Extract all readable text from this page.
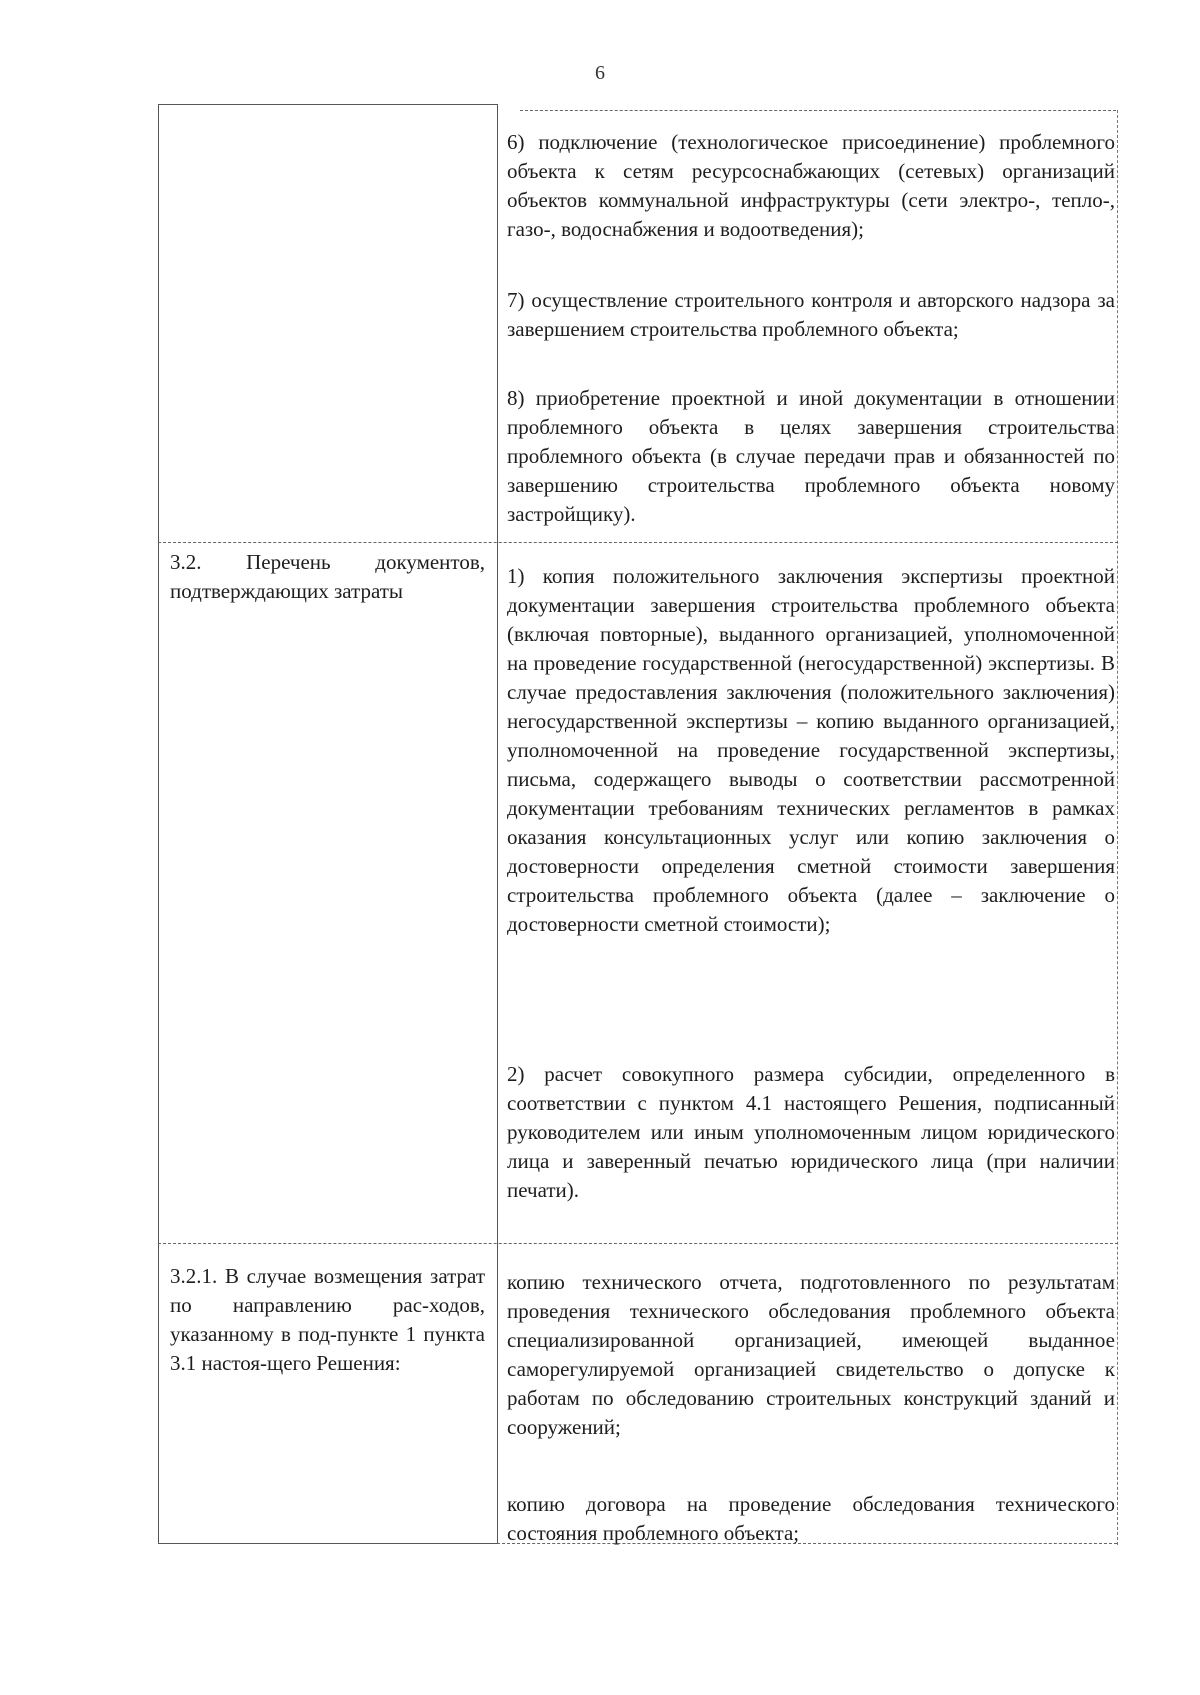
6

6) подключение (технологическое присоединение) проблемного объекта к сетям ресурсоснабжающих (сетевых) организаций объектов коммунальной инфраструктуры (сети электро-, тепло-, газо-, водоснабжения и водоотведения);

7) осуществление строительного контроля и авторского надзора за завершением строительства проблемного объекта;

8) приобретение проектной и иной документации в отношении проблемного объекта в целях завершения строительства проблемного объекта (в случае передачи прав и обязанностей по завершению строительства проблемного объекта новому застройщику).

3.2. Перечень документов, подтверждающих затраты

1) копия положительного заключения экспертизы проектной документации завершения строительства проблемного объекта (включая повторные), выданного организацией, уполномоченной на проведение государственной (негосударственной) экспертизы. В случае предоставления заключения (положительного заключения) негосударственной экспертизы – копию выданного организацией, уполномоченной на проведение государственной экспертизы, письма, содержащего выводы о соответствии рассмотренной документации требованиям технических регламентов в рамках оказания консультационных услуг или копию заключения о достоверности определения сметной стоимости завершения строительства проблемного объекта (далее – заключение о достоверности сметной стоимости);

2) расчет совокупного размера субсидии, определенного в соответствии с пунктом 4.1 настоящего Решения, подписанный руководителем или иным уполномоченным лицом юридического лица и заверенный печатью юридического лица (при наличии печати).

3.2.1. В случае возмещения затрат по направлению рас-ходов, указанному в под-пункте 1 пункта 3.1 настоя-щего Решения:

копию технического отчета, подготовленного по результатам проведения технического обследования проблемного объекта специализированной организацией, имеющей выданное саморегулируемой организацией свидетельство о допуске к работам по обследованию строительных конструкций зданий и сооружений;

копию договора на проведение обследования технического состояния проблемного объекта;
